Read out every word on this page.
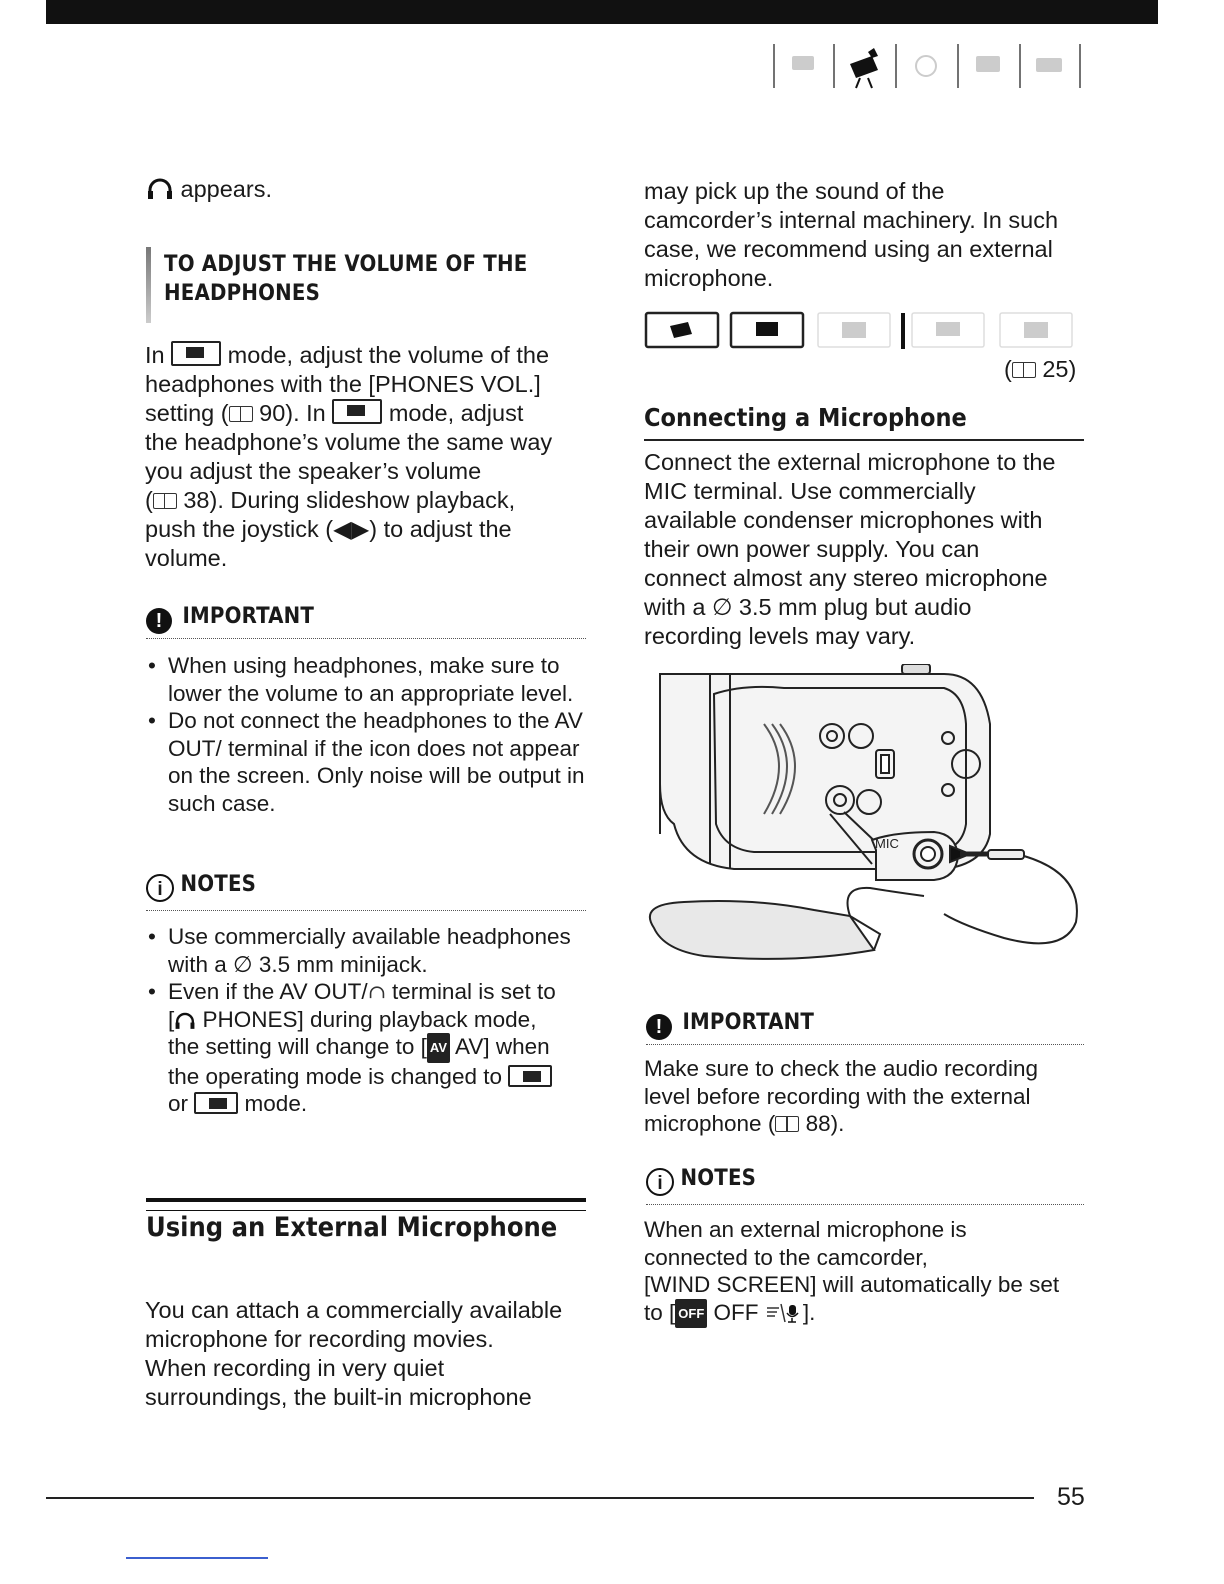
appears.
TO ADJUST THE VOLUME OF THE
HEADPHONES
In	mode, adjust the volume of the
headphones with the [PHONES VOL.]
setting ( 90). In	mode, adjust
the headphone’s volume the same way
you adjust the speaker’s volume
( 38). During slideshow playback,
push the joystick (◀▶) to adjust the
volume.
! IMPORTANT
• When using headphones, make sure to lower the volume to an appropriate level.
• Do not connect the headphones to the AV OUT/ terminal if the icon does not appear on the screen. Only noise will be output in such case.
i NOTES
• Use commercially available headphones with a ∅ 3.5 mm minijack.
• Even if the AV OUT/ terminal is set to
[ PHONES] during playback mode,
the setting will change to [ AV AV] when
the operating mode is changed to
or	mode.
Using an External Microphone
You can attach a commercially available
microphone for recording movies.
When recording in very quiet
surroundings, the built-in microphone
may pick up the sound of the
camcorder’s internal machinery. In such
case, we recommend using an external
microphone.
( 25)
Connecting a Microphone
Connect the external microphone to the
MIC terminal. Use commercially
available condenser microphones with
their own power supply. You can
connect almost any stereo microphone
with a ∅ 3.5 mm plug but audio
recording levels may vary.
MIC
! IMPORTANT
Make sure to check the audio recording
level before recording with the external
microphone ( 88).
i NOTES
When an external microphone is
connected to the camcorder,
[WIND SCREEN] will automatically be set
to [ OFF OFF ].
55
